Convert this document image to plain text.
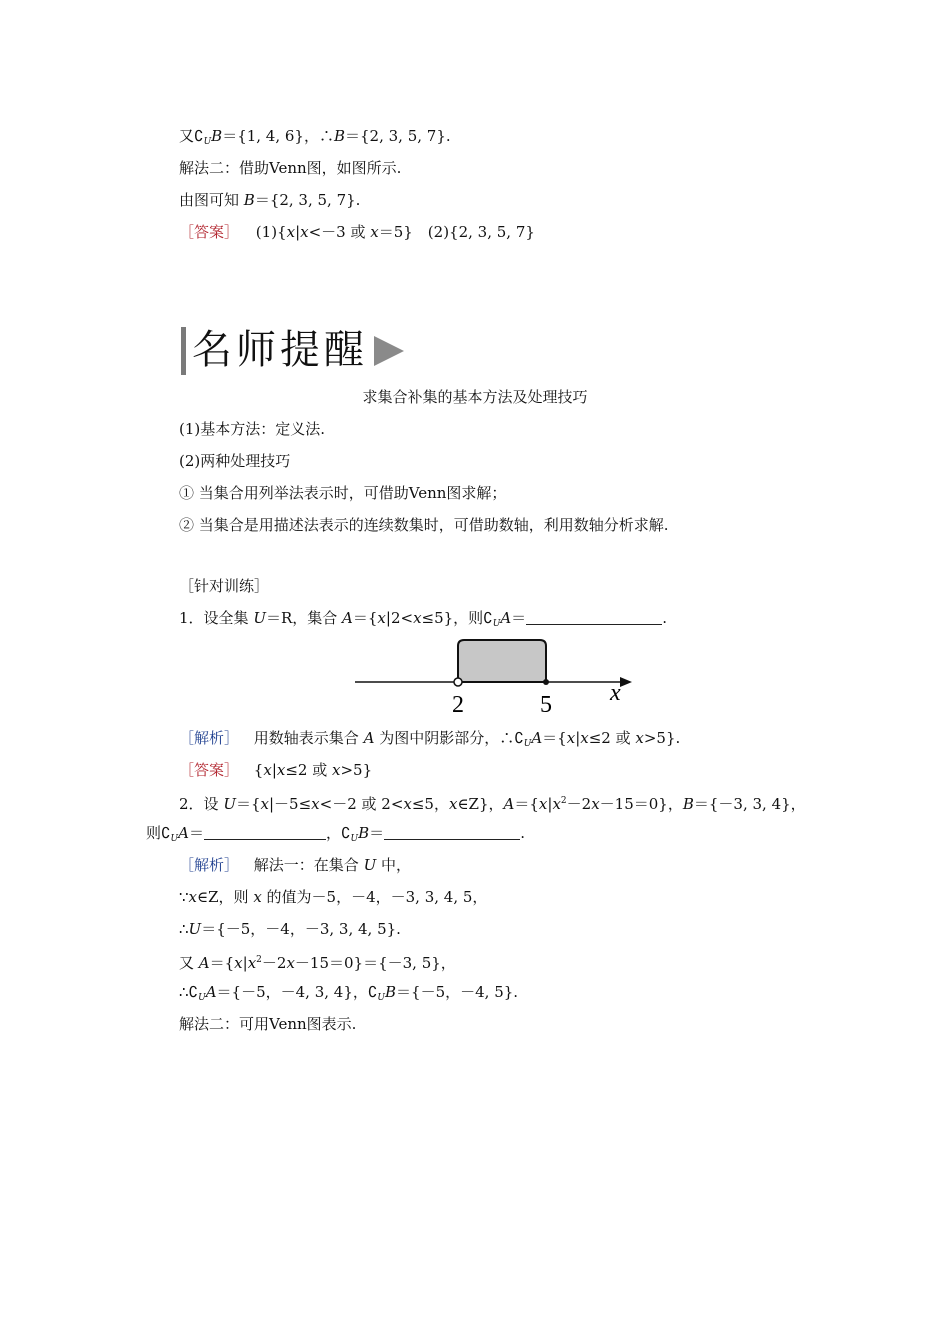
又$∁_UB=\{1$, 4, 6}，∴B＝{2, 3, 5, 7}.
解法二：借助Venn图，如图所示.
由图可知 B＝{2, 3, 5, 7}.
［答案］ (1){x|x<－3 或 x＝5}　(2){2, 3, 5, 7}
名师提醒
求集合补集的基本方法及处理技巧
(1)基本方法：定义法.
(2)两种处理技巧
① 当集合用列举法表示时，可借助Venn图求解；
② 当集合是用描述法表示的连续数集时，可借助数轴，利用数轴分析求解.
［针对训练］
1．设全集 U＝R，集合 A＝{x|2<x≤5}，则$∁_UA=$	.
2	5 x
［解析］ 用数轴表示集合 A 为图中阴影部分，$\therefore∁_UA=\{x|x\le 2$ 或 x>5}.
［答案］ {x|x≤2 或 x>5}
2．设 U＝{x|－5≤x<－2 或 2<x≤5，x∈Z}，$A=\{x|x^2-2x-15=0\}$，B＝{－3, 3, 4}，
则$∁_UA=$	，$∁_UB=$	.
［解析］ 解法一：在集合 U 中，
∵x∈Z，则 x 的值为－5，－4，－3, 3, 4, 5，
∴U＝{－5，－4，－3, 3, 4, 5}.
又 $A=\{x|x^2-2x-15=0\}=\{-3$, 5}，
$\therefore∁_UA=\{-5$，－4, 3, 4}，$∁_UB=\{-5$，－4, 5}.
解法二：可用Venn图表示.
